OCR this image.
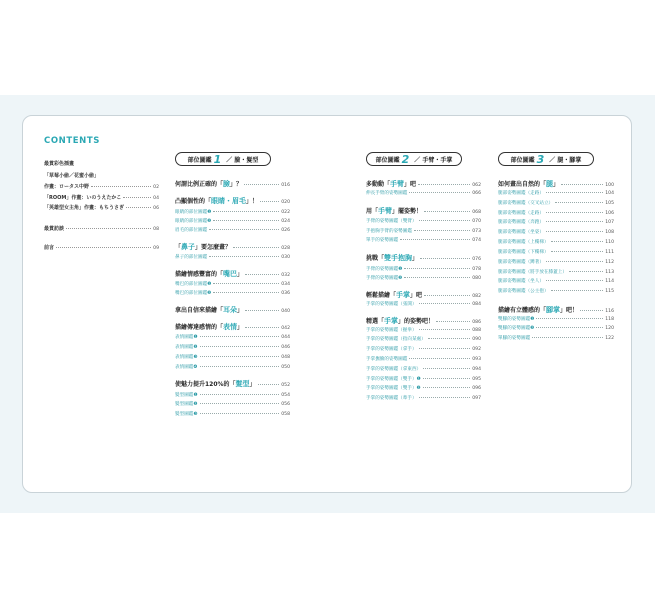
CONTENTS
最貫彩色插畫
「草莓小偷／花蜜小偷」
作畫：ロータス中野	02
「ROOM」作畫：いのうえたかこ	04
「英雄型女主角」作畫：もちうさぎ	06
最貫訪談	08
前言	09
部位圖鑑 1 ／ 臉・髮型
何謂比例正確的「臉」？	016
凸顯個性的「眼睛・眉毛」！	020
眼睛的部位圖鑑❶	022
眼睛的部位圖鑑❷	024
眉毛的部位圖鑑	026
「鼻子」要怎麼畫？	028
鼻子的部位圖鑑	030
描繪情感豐富的「嘴巴」	032
嘴巴的部位圖鑑❶	034
嘴巴的部位圖鑑❷	036
拿出自信來描繪「耳朵」	040
描繪傳達感情的「表情」	042
表情圖鑑❶	044
表情圖鑑❷	046
表情圖鑑❸	048
表情圖鑑❹	050
使魅力提升120%的「髮型」	052
髮型圖鑑❶	054
髮型圖鑑❷	056
髮型圖鑑❸	058
部位圖鑑 2 ／ 手臂・手掌
多動動「手臂」吧	062
伸長手臂的姿勢圖鑑	066
用「手臂」擺姿勢！	068
手臂的姿勢圖鑑（雙臂）	070
手抱胸手臂的姿勢圖鑑	073
單手的姿勢圖鑑	074
挑戰「雙手抱胸」	076
手臂的姿勢圖鑑❶	078
手臂的姿勢圖鑑❷	080
輕鬆描繪「手掌」吧	082
手掌的姿勢圖鑑（張開）	084
精選「手掌」的姿勢吧！	086
手掌的姿勢圖鑑（握拳）	088
手掌的姿勢圖鑑（指向某處）	090
手掌的姿勢圖鑑（拿手）	092
手掌撫臉的姿勢圖鑑	093
手掌的姿勢圖鑑（拿東西）	094
手掌的姿勢圖鑑（雙手）❶	095
手掌的姿勢圖鑑（雙手）❷	096
手掌的姿勢圖鑑（牽手）	097
部位圖鑑 3 ／ 腿・腳掌
如何畫出自然的「腿」	100
腿部姿勢圖鑑（走路）	104
腿部姿勢圖鑑（交叉站立）	105
腿部姿勢圖鑑（走路）	106
腿部姿勢圖鑑（奔跑）	107
腿部姿勢圖鑑（坐姿）	108
腿部姿勢圖鑑（上樓梯）	110
腿部姿勢圖鑑（下樓梯）	111
腿部姿勢圖鑑（蹲著）	112
腿部姿勢圖鑑（將手放在膝蓋上）	113
腿部姿勢圖鑑（坐人）	114
腿部姿勢圖鑑（公主抱）	115
描繪有立體感的「腳掌」吧！	116
雙腳的姿勢圖鑑❶	118
雙腳的姿勢圖鑑❷	120
單腳的姿勢圖鑑	122
